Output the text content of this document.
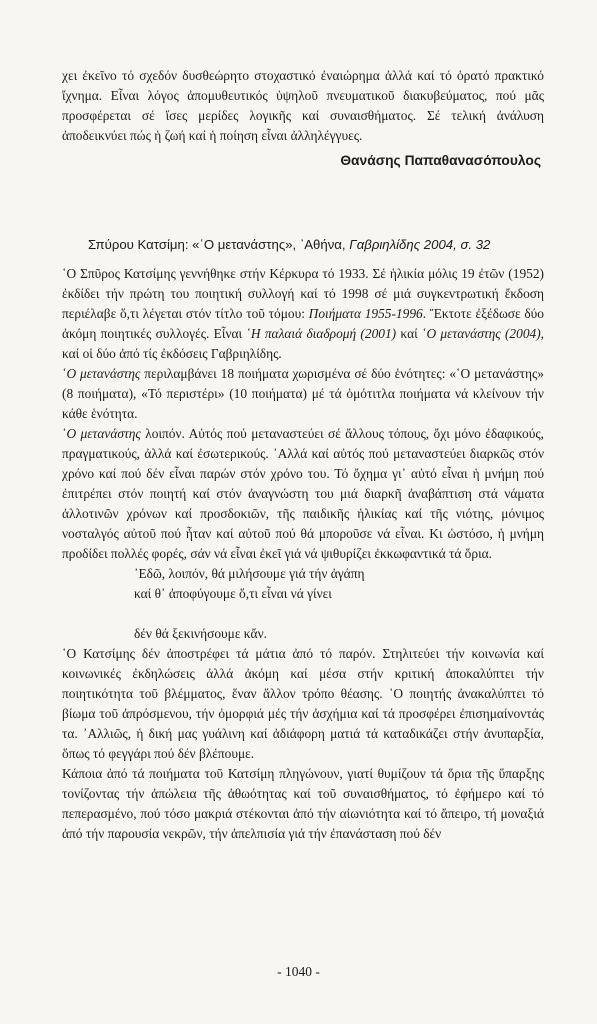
χει ἐκεῖνο τό σχεδόν δυσθεώρητο στοχαστικό ἐναιώρημα ἀλλά καί τό ὁρατό πρακτικό ἴχνημα. Εἶναι λόγος ἀπομυθευτικός ὑψηλοῦ πνευματικοῦ διακυβεύματος, πού μᾶς προσφέρεται σέ ἴσες μερίδες λογικῆς καί συναισθήματος. Σέ τελική ἀνάλυση ἀποδεικνύει πώς ἡ ζωή καί ἡ ποίηση εἶναι ἀλληλέγγυες.
Θανάσης Παπαθανασόπουλος
Σπύρου Κατσίμη: «῾Ο μετανάστης», ᾿Αθήνα, Γαβριηλίδης 2004, σ. 32

῾Ο Σπῦρος Κατσίμης γεννήθηκε στήν Κέρκυρα τό 1933. Σέ ἡλικία μόλις 19 ἐτῶν (1952) ἐκδίδει τήν πρώτη του ποιητική συλλογή καί τό 1998 σέ μιά συγκεντρωτική ἔκδοση περιέλαβε ὅ,τι λέγεται στόν τίτλο τοῦ τόμου: Ποιήματα 1955-1996. Ἔκτοτε ἐξέδωσε δύο ἀκόμη ποιητικές συλλογές. Εἶναι ῾Η παλαιά διαδρομή (2001) καί ῾Ο μετανάστης (2004), καί οἱ δύο ἀπό τίς ἐκδόσεις Γαβριηλίδης.

῾Ο μετανάστης περιλαμβάνει 18 ποιήματα χωρισμένα σέ δύο ἑνότητες: «῾Ο μετανάστης» (8 ποιήματα), «Τό περιστέρι» (10 ποιήματα) μέ τά ὁμότιτλα ποιήματα νά κλείνουν τήν κάθε ἑνότητα.

῾Ο μετανάστης λοιπόν. Αὐτός πού μεταναστεύει σέ ἄλλους τόπους, ὄχι μόνο ἐδαφικούς, πραγματικούς, ἀλλά καί ἐσωτερικούς. ᾿Αλλά καί αὐτός πού μεταναστεύει διαρκῶς στόν χρόνο καί πού δέν εἶναι παρών στόν χρόνο του. Τό ὄχημα γι᾿ αὐτό εἶναι ἡ μνήμη πού ἐπιτρέπει στόν ποιητή καί στόν ἀναγνώστη του μιά διαρκῆ ἀναβάπτιση στά νάματα ἀλλοτινῶν χρόνων καί προσδοκιῶν, τῆς παιδικῆς ἡλικίας καί τῆς νιότης, μόνιμος νοσταλγός αὐτοῦ πού ἦταν καί αὐτοῦ πού θά μποροῦσε νά εἶναι. Κι ὡστόσο, ἡ μνήμη προδίδει πολλές φορές, σάν νά εἶναι ἐκεῖ γιά νά ψιθυρίζει ἐκκωφαντικά τά ὅρια.

᾿Εδῶ, λοιπόν, θά μιλήσουμε γιά τήν ἀγάπη
καί θ᾿ ἀποφύγουμε ὅ,τι εἶναι νά γίνει
δέν θά ξεκινήσουμε κἄν.

῾Ο Κατσίμης δέν ἀποστρέφει τά μάτια ἀπό τό παρόν. Στηλιτεύει τήν κοινωνία καί κοινωνικές ἐκδηλώσεις ἀλλά ἀκόμη καί μέσα στήν κριτική ἀποκαλύπτει τήν ποιητικότητα τοῦ βλέμματος, ἕναν ἄλλον τρόπο θέασης. ῾Ο ποιητής ἀνακαλύπτει τό βίωμα τοῦ ἀπρόσμενου, τήν ὀμορφιά μές τήν ἀσχήμια καί τά προσφέρει ἐπισημαίνοντάς τα. ᾿Αλλιῶς, ἡ δική μας γυάλινη καί ἀδιάφορη ματιά τά καταδικάζει στήν ἀνυπαρξία, ὅπως τό φεγγάρι πού δέν βλέπουμε.

Κάποια ἀπό τά ποιήματα τοῦ Κατσίμη πληγώνουν, γιατί θυμίζουν τά ὅρια τῆς ὕπαρξης τονίζοντας τήν ἀπώλεια τῆς ἀθωότητας καί τοῦ συναισθήματος, τό ἐφήμερο καί τό πεπερασμένο, πού τόσο μακριά στέκονται ἀπό τήν αἰωνιότητα καί τό ἄπειρο, τή μοναξιά ἀπό τήν παρουσία νεκρῶν, τήν ἀπελπισία γιά τήν ἐπανάσταση πού δέν

- 1040 -
